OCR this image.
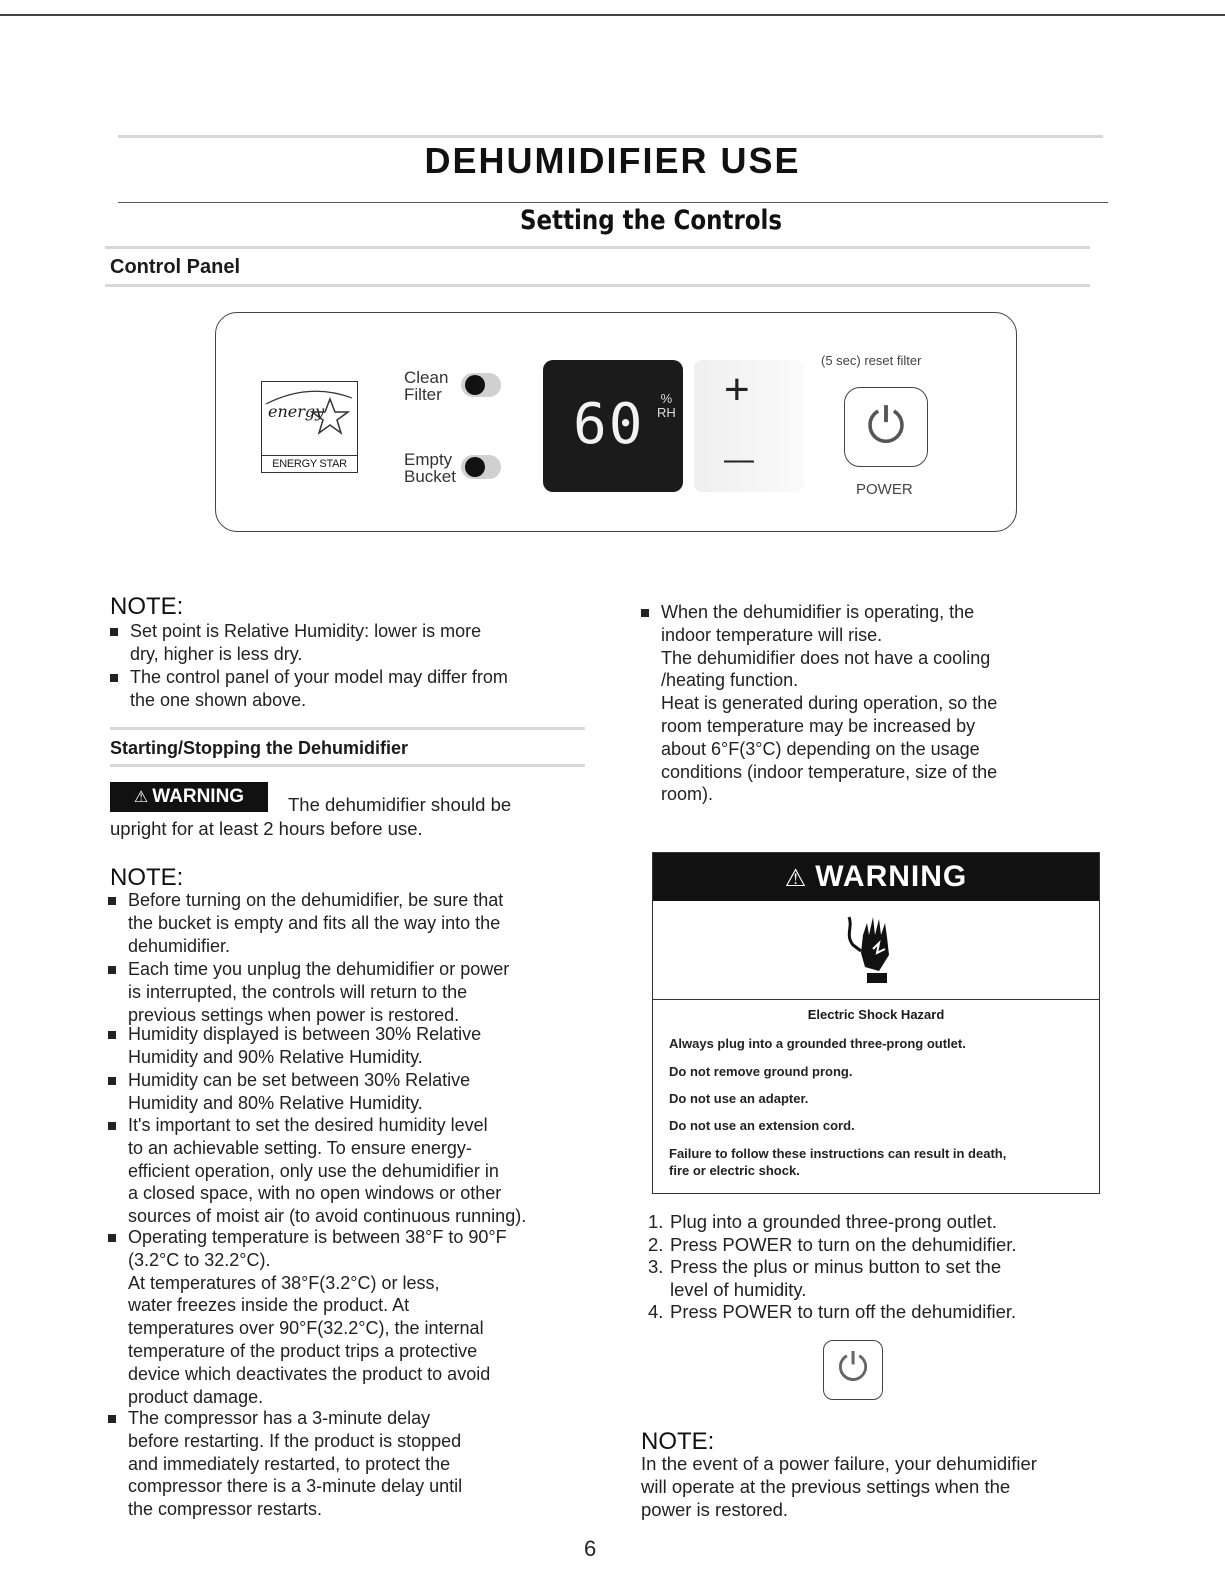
DEHUMIDIFIER USE
Setting the Controls
Control Panel
energy
ENERGY STAR
Clean
Filter
Empty
Bucket
60 %
RH +
—
(5 sec) reset filter
⏻
POWER
NOTE:
Set point is Relative Humidity: lower is more
dry, higher is less dry.
The control panel of your model may differ from
the one shown above.
Starting/Stopping the Dehumidifier
⚠ WARNING	The dehumidifier should be
upright for at least 2 hours before use.
NOTE:
Before turning on the dehumidifier, be sure that
the bucket is empty and fits all the way into the
dehumidifier.
Each time you unplug the dehumidifier or power
is interrupted, the controls will return to the
previous settings when power is restored.
Humidity displayed is between 30% Relative
Humidity and 90% Relative Humidity.
Humidity can be set between 30% Relative
Humidity and 80% Relative Humidity.
It's important to set the desired humidity level
to an achievable setting. To ensure energy-
efficient operation, only use the dehumidifier in
a closed space, with no open windows or other
sources of moist air (to avoid continuous running).
Operating temperature is between 38°F to 90°F
(3.2°C to 32.2°C).
At temperatures of 38°F(3.2°C) or less,
water freezes inside the product. At
temperatures over 90°F(32.2°C), the internal
temperature of the product trips a protective
device which deactivates the product to avoid
product damage.
The compressor has a 3-minute delay
before restarting. If the product is stopped
and immediately restarted, to protect the
compressor there is a 3-minute delay until
the compressor restarts.
When the dehumidifier is operating, the
indoor temperature will rise.
The dehumidifier does not have a cooling
/heating function.
Heat is generated during operation, so the
room temperature may be increased by
about 6°F(3°C) depending on the usage
conditions (indoor temperature, size of the
room).
⚠ WARNING
Electric Shock Hazard
Always plug into a grounded three-prong outlet.
Do not remove ground prong.
Do not use an adapter.
Do not use an extension cord.
Failure to follow these instructions can result in death,
fire or electric shock.
1. Plug into a grounded three-prong outlet.
2. Press POWER to turn on the dehumidifier.
3. Press the plus or minus button to set the
level of humidity.
4. Press POWER to turn off the dehumidifier.
⏻
NOTE:
In the event of a power failure, your dehumidifier
will operate at the previous settings when the
power is restored.
6
